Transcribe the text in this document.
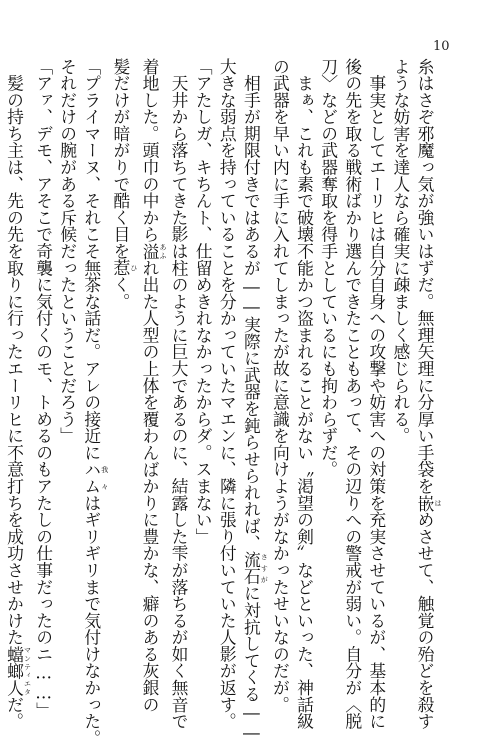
10
糸はさぞ邪魔っ気が強いはずだ。無理矢理に分厚い手袋を嵌 はめさせて、触覚の殆どを殺す
ような妨害を達人なら確実に疎ましく感じられる。
　事実としてエーリヒは自分自身への攻撃や妨害への対策を充実させているが、基本的に
後の先を取る戦術ばかり選んできたこともあって、その辺りへの警戒が弱い。自分が〈脱
刀〉などの武器奪取を得手としているにも拘わらずだ。
　まぁ、これも素で破壊不能かつ盗まれることがない〝渇望の剣〟などといった、神話級
の武器を早い内に手に入れてしまったが故に意識を向けようがなかったせいなのだが。
　相手が期限付きではあるが――実際に武器を鈍らせられれば、流石 さすがに対抗してくる――
大きな弱点を持っていることを分かっていたマエンに、隣に張り付いていた人影が返す。
「アたしガ、キちんト、仕留めきれなかったからダ。スまない」
　天井から落ちてきた影は柱のように巨大であるのに、結露した雫が落ちるが如く無音で
着地した。頭巾の中から溢 あふれ出た人型の上体を覆わんばかりに豊かな、癖のある灰銀の
髪だけが暗がりで酷く目を惹 ひく。
「プライマーヌ、それこそ無茶な話だ。アレの接近にハム 我々はギリギリまで気付けなかった。
それだけの腕がある斥候だったということだろう」
「アァ、デモ、アそこで奇襲に気付くのモ、トめるのもアたしの仕事だったのニ……」
　髪の持ち主は、先の先を取りに行ったエーリヒに不意打ちを成功させかけた蟷螂人 マンティエタだ。
